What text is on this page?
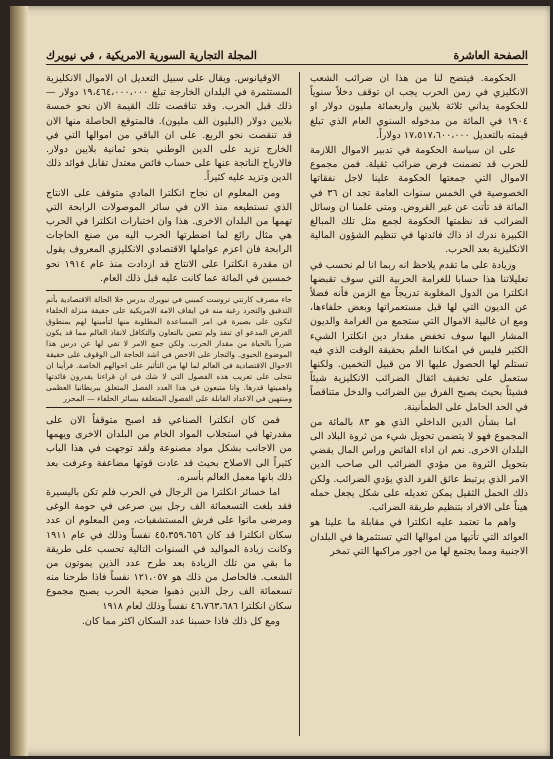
الصفحة العاشرة
المجلة التجارية السورية الامريكية ، في نيويرك

الحكومة. فيتضح لنا من هذا ان ضرائب الشعب الانكليزي في زمن الحرب يجب ان توقف دخلاً سنوياً للحكومة يداني ثلاثة بلايين واربعمائة مليون دولار او ١٩٠٤ في المائة من مدخوله السنوي العام الذي تبلغ قيمته بالتعديل ١٧،٥١٧،٦٠٠،٠٠٠ دولاراً.

على ان سياسة الحكومة في تدبير الاموال اللازمة للحرب قد تضمنت فرض ضرائب ثقيلة. فمن مجموع الاموال التي جمعتها الحكومة علينا لاجل نفقاتها الخصوصية في الخمس سنوات العامة تجد ان ٣٦ في المائة قد تأتت عن غير القروض. ومتى علمنا ان وسائل الضرائب قد نظمتها الحكومة لجمع مثل تلك المبالغ الكبيرة ندرك اذ ذاك فائدتها في تنظيم الشؤون المالية الانكليزية بعد الحرب.

وزيادة على ما تقدم يلاحظ انه ربما انا لم نحسب في تعليلاتنا هذا حسابا للغرامة الحربية التي سوف تقبضها انكلترا من الدول المغلوبة تدريجاً مع الزمن فأنه فضلاً عن الديون التي لها قبل مستعمراتها وبعض حلفاءها، ومع ان غالبية الاموال التي ستجمع من الغرامة والديون المشار اليها سوف تخفض مقدار دين انكلترا الشيء الكثير فليس في امكاننا العلم بحقيقة الوقت الذي فيه تستلم لها الحصول عليها الا من قبيل التخمين. ولكنها ستعمل على تخفيف اثقال الضرائب الانكليزية شيئاً فشيئاً بحيث يصبح الفرق بين الضرائب والدخل متناقصاً في الحد الحامل على الطمأنينة.

اما بشأن الدين الداخلي الذي هو ٨٣ بالمائة من المجموع فهو لا يتضمن تحويل شيء من ثروة البلاد الى البلدان الاخرى. نعم ان اداء الفائض وراس المال يقضي بتحويل الثروة من مؤدي الضرائب الى صاحب الدين الامر الذي يرتبط عائق الفرد الذي يؤدي الضرائب. ولكن ذلك الحمل الثقيل يمكن تعديله على شكل يجعل حمله هيناً على الافراد بتنظيم طريقة الضرائب.

واهم ما تعتمد عليه انكلترا في مقابلة ما علينا هو العوائد التي تأتيها من اموالها التي تستثمرها في البلدان الاجنبية ومما يجتمع لها من اجور مراكبها التي تمخر

الاوقيانوس. ويقال على سبيل التعديل ان الاموال الانكليزية المستثمرة في البلدان الخارجة تبلغ ١٩،٤٦٤،٠٠٠،٠٠٠ دولار — ذلك قبل الحرب. وقد تناقصت تلك القيمة الان نحو خمسة بلايين دولار (البليون الف مليون). فالمتوقع الحاصلة منها الان قد تنقصت نحو الربع. على ان الباقي من اموالها التي في الخارج تزيد على الدين الوطني بنحو ثمانية بلايين دولار. فالارباح الناتجة عنها على حساب فائض معتدل تقابل فوائد ذلك الدين وتزيد عليه كثيراً.

ومن المعلوم ان نجاح انكلترا المادي متوقف على الانتاج الذي تستطيعه منذ الان في سائر الموصولات الرابحة التي تهمها من البلدان الاخرى. هذا وان اختبارات انكلترا في الحرب هي مثال رائع لما اضطرتها الحرب اليه من صنع الحاجات الرابحة فان اعزم عواملها الاقتصادي الانكليزي المعروف يقول ان مقدرة انكلترا على الانتاج قد ازدادت منذ عام ١٩١٤ نحو خمسين في المائة عما كانت عليه قبل ذلك العام.

جاء مصرف كارنتي تروست كمبني في نيويرك بدرس خلا الحالة الاقتصادية بأتم التدقيق والتجرد رغبة منه في ايقاف الامة الامريكية على حقيقة منزلة الحلفاء لتكون على بصيرة في امر المساعدة المطلوبة منها لتأمينها لهم بمنطوق القرض المدعو اي تنفذ ولم تتعين بالتعاون والتكافل لانقاذ العالم مما قد يكون ضرراً بالحياة من مقدار الحرب. ولكن جمع الامر لا تفي لها عن درس هذا الموضوع الحيوي. والتجار على الاخص في اشد الحاجة الى الوقوف على حقيقة الاحوال الاقتصادية في العالم لما لها من التأثير على احوالهم الخاصة. فرأينا ان نتجلى على تعريب هذه الفصول التي لا شك في ان قراءنا يقدرون فائدتها واهميتها قدرها. وانا متبعون في هذا العدد الفصل المتعلق ببريطانيا العظمى ومنتهين في الاعداد القابلة على الفصول المتعلقة بسائر الحلفاء — المحرر

فمن كان انكلترا الصناعي قد اصبح متوقفاً الان على مقدرتها في استجلاب المواد الخام من البلدان الاخرى ويهمها من الاجانب بشكل مواد مصنوعة ولقد توجهت في هذا الباب كثيراً الى الاصلاح بحيث قد عادت قوتها مضاعفة وعرفت بعد ذلك بانها معمل العالم بأسره.

اما خسائر انكلترا من الرجال في الحرب فلم تكن باليسيرة فقد بلغت التسعمائة الف رجل بين صرعى في حومة الوغى ومرضى ماتوا على فرش المستشفيات، ومن المعلوم ان عدد سكان انكلترا قد كان ٤٥،٣٥٩،٦٥٦ نفساً وذلك في عام ١٩١١ وكانت زيادة المواليد في السنوات التالية تحسب على طريقة ما بقي من تلك الزيادة بعد طرح عدد الذين يموتون من الشعب. فالحاصل من ذلك هو ١٢١،٠٥٧ نفساً فاذا طرحنا منه تسعمائة الف رجل الذين ذهبوا ضحية الحرب يصبح مجموع سكان انكلترا ٤٦،٧٦٣،٦٨٦ نفساً وذلك لعام ١٩١٨

ومع كل ذلك فاذا حسبنا عدد السكان اكثر مما كان.
